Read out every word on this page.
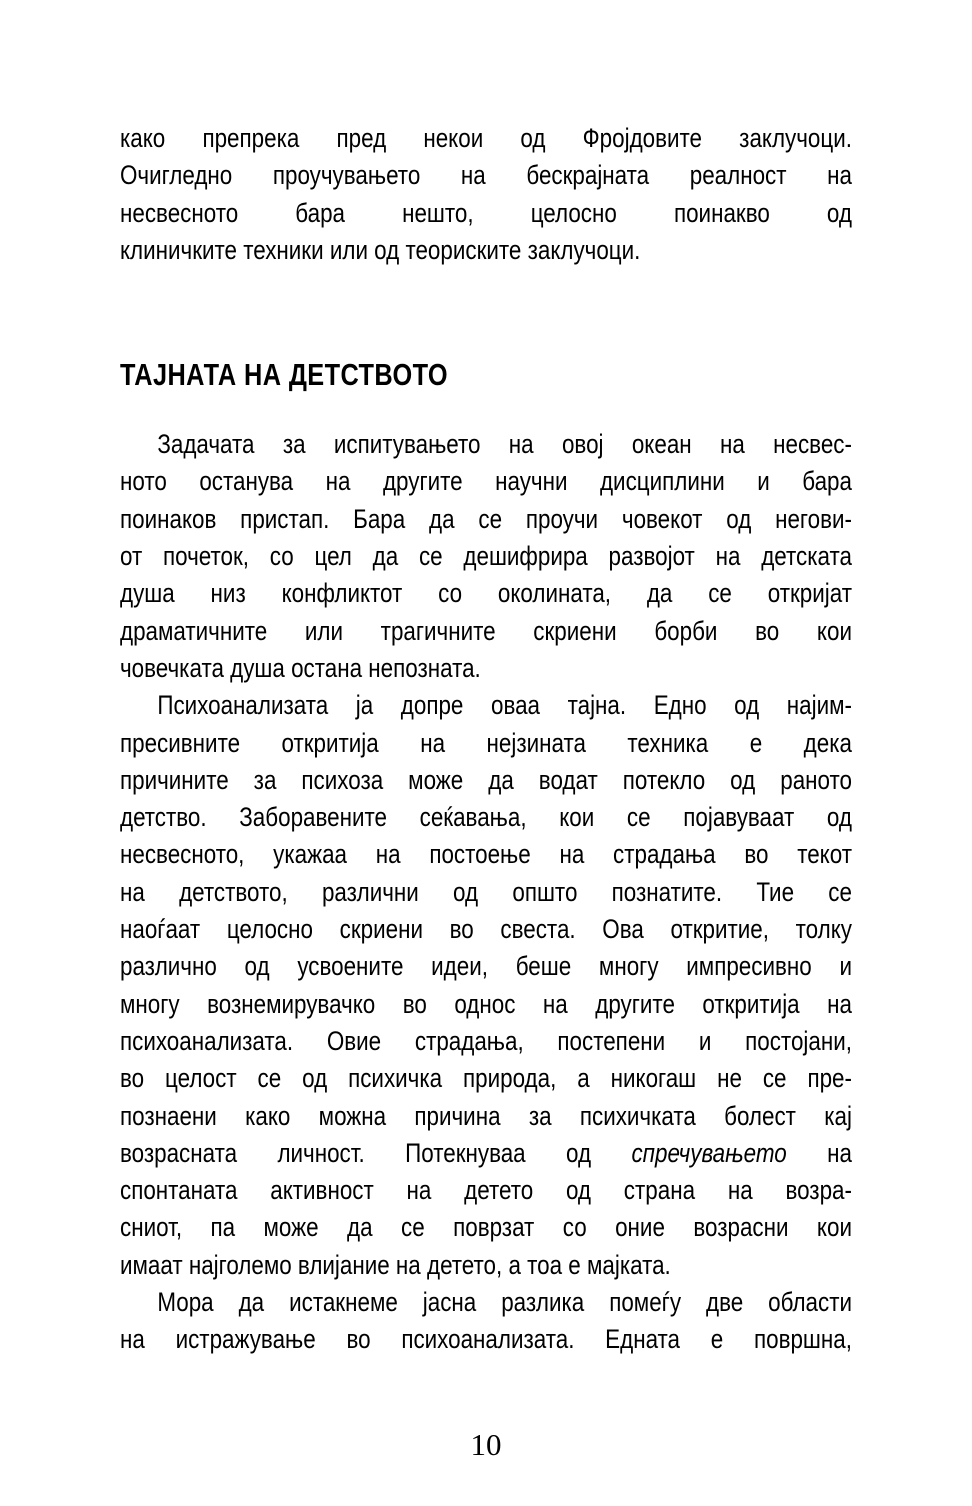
како препрека пред некои од Фројдовите заклучоци.
Очигледно проучувањето на бескрајната реалност на
несвесното бара нешто, целосно поинакво од
клиничките техники или од теориските заклучоци.
ТАЈНАТА НА ДЕТСТВОТО
Задачата за испитувањето на овој океан на несвес-
ното останува на другите научни дисциплини и бара
поинаков пристап. Бара да се проучи човекот од негови-
от почеток, со цел да се дешифрира развојот на детската
душа низ конфликтот со околината, да се откријат
драматичните или трагичните скриени борби во кои
човечката душа остана непозната.
Психоанализата ја допре оваа тајна. Едно од најим-
пресивните откритија на нејзината техника е дека
причините за психоза може да водат потекло од раното
детство. Заборавените сеќавања, кои се појавуваат од
несвесното, укажаа на постоење на страдања во текот
на детството, различни од општо познатите. Тие се
наоѓаат целосно скриени во свеста. Ова откритие, толку
различно од усвоените идеи, беше многу импресивно и
многу вознемирувачко во однос на другите откритија на
психоанализата. Овие страдања, постепени и постојани,
во целост се од психичка природа, а никогаш не се пре-
познаени како можна причина за психичката болест кај
возрасната личност. Потекнуваа од спречувањето на
спонтаната активност на детето од страна на возра-
сниот, па може да се поврзат со оние возрасни кои
имаат најголемо влијание на детето, а тоа е мајката.
Мора да истакнеме јасна разлика помеѓу две области
на истражување во психоанализата. Едната е површна,
10
